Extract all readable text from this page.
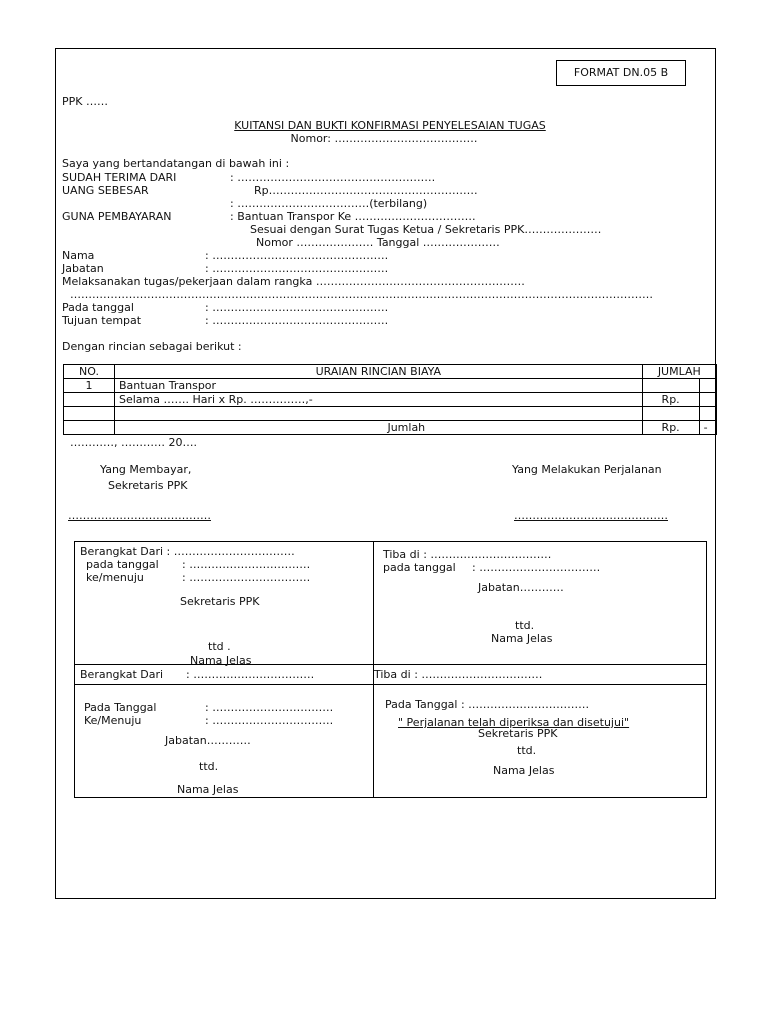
FORMAT DN.05 B
PPK ……
KUITANSI DAN BUKTI KONFIRMASI PENYELESAIAN TUGAS
Nomor: …………………………………
Saya yang bertandatangan di bawah ini :
SUDAH TERIMA DARI	: ………………………………………………
UANG SEBESAR	Rp…………………………………………………
: ………………………………(terbilang)
GUNA PEMBAYARAN	: Bantuan Transpor Ke ……………………………
Sesuai dengan Surat Tugas Ketua / Sekretaris PPK…………………
Nomor ………………… Tanggal …………………
Nama	: …………………………………………
Jabatan	: …………………………………………
Melaksanakan tugas/pekerjaan dalam rangka …………………………………………………
……………………………………………………………………………………………………………………………………………
Pada tanggal	: …………………………………………
Tujuan tempat	: …………………………………………
Dengan rincian sebagai berikut :
NO.	URAIAN RINCIAN BIAYA	JUMLAH	
1	Bantuan Transpor		
	Selama ……. Hari x Rp. ……………,-	Rp.	

	Jumlah	Rp.	-
…………, ………… 20….
Yang Membayar,
Sekretaris PPK
…………………………………
Yang Melakukan Perjalanan
……………………………………
Berangkat Dari : ……………………………
pada tanggal : ……………………………
ke/menuju	: ……………………………
Sekretaris PPK
ttd .
Nama Jelas
Tiba di : ……………………………
pada tanggal : ……………………………
Jabatan…………
ttd.
Nama Jelas
Berangkat Dari : ……………………………	Tiba di : ……………………………
Pada Tanggal	: ……………………………
Ke/Menuju	: ……………………………
Jabatan…………
ttd.
Nama Jelas
Pada Tanggal : ……………………………
" Perjalanan telah diperiksa dan disetujui"
Sekretaris PPK
ttd.
Nama Jelas
